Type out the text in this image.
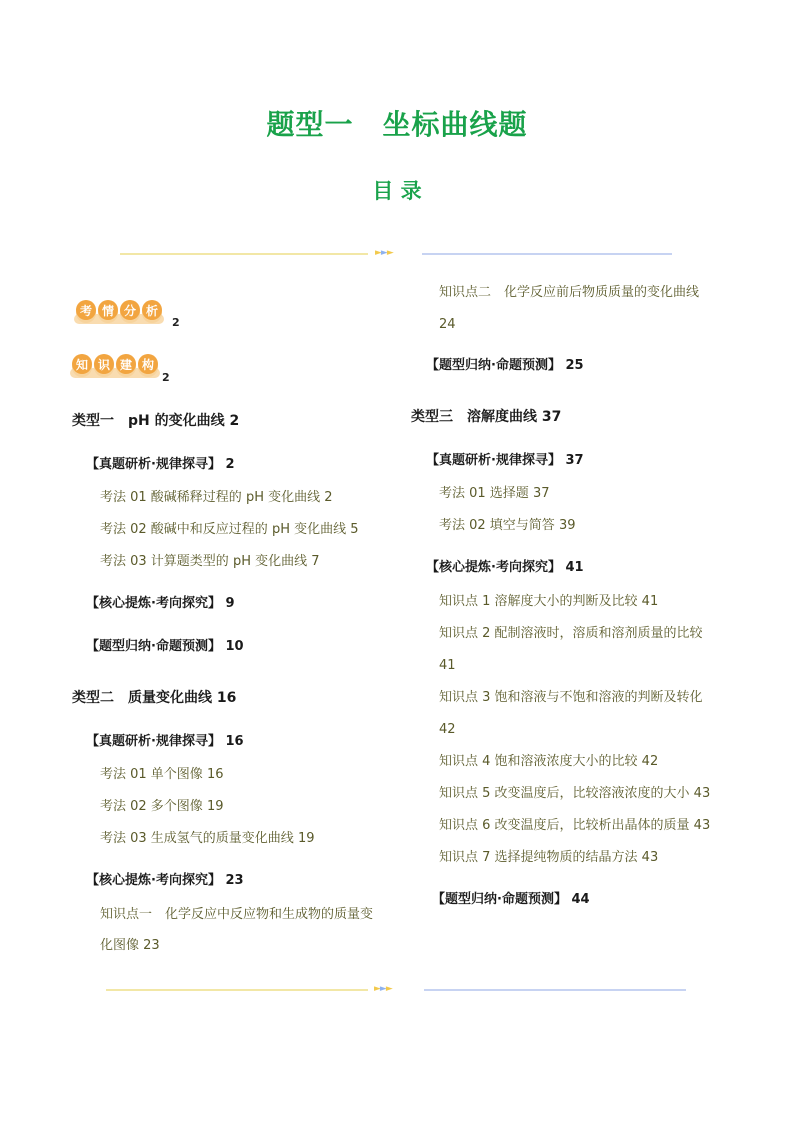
题型一　坐标曲线题
目 录
►►►
考 情 分 析
2
知 识 建 构
2
类型一　pH 的变化曲线 2
【真题研析·规律探寻】 2
考法 01 酸碱稀释过程的 pH 变化曲线 2
考法 02 酸碱中和反应过程的 pH 变化曲线 5
考法 03 计算题类型的 pH 变化曲线 7
【核心提炼·考向探究】 9
【题型归纳·命题预测】 10
类型二　质量变化曲线 16
【真题研析·规律探寻】 16
考法 01 单个图像 16
考法 02 多个图像 19
考法 03 生成氢气的质量变化曲线 19
【核心提炼·考向探究】 23
知识点一　化学反应中反应物和生成物的质量变
化图像 23
知识点二　化学反应前后物质质量的变化曲线
24
【题型归纳·命题预测】 25
类型三　溶解度曲线 37
【真题研析·规律探寻】 37
考法 01 选择题 37
考法 02 填空与简答 39
【核心提炼·考向探究】 41
知识点 1 溶解度大小的判断及比较 41
知识点 2 配制溶液时，溶质和溶剂质量的比较
41
知识点 3 饱和溶液与不饱和溶液的判断及转化
42
知识点 4 饱和溶液浓度大小的比较 42
知识点 5 改变温度后，比较溶液浓度的大小 43
知识点 6 改变温度后，比较析出晶体的质量 43
知识点 7 选择提纯物质的结晶方法 43
【题型归纳·命题预测】 44
►►►
